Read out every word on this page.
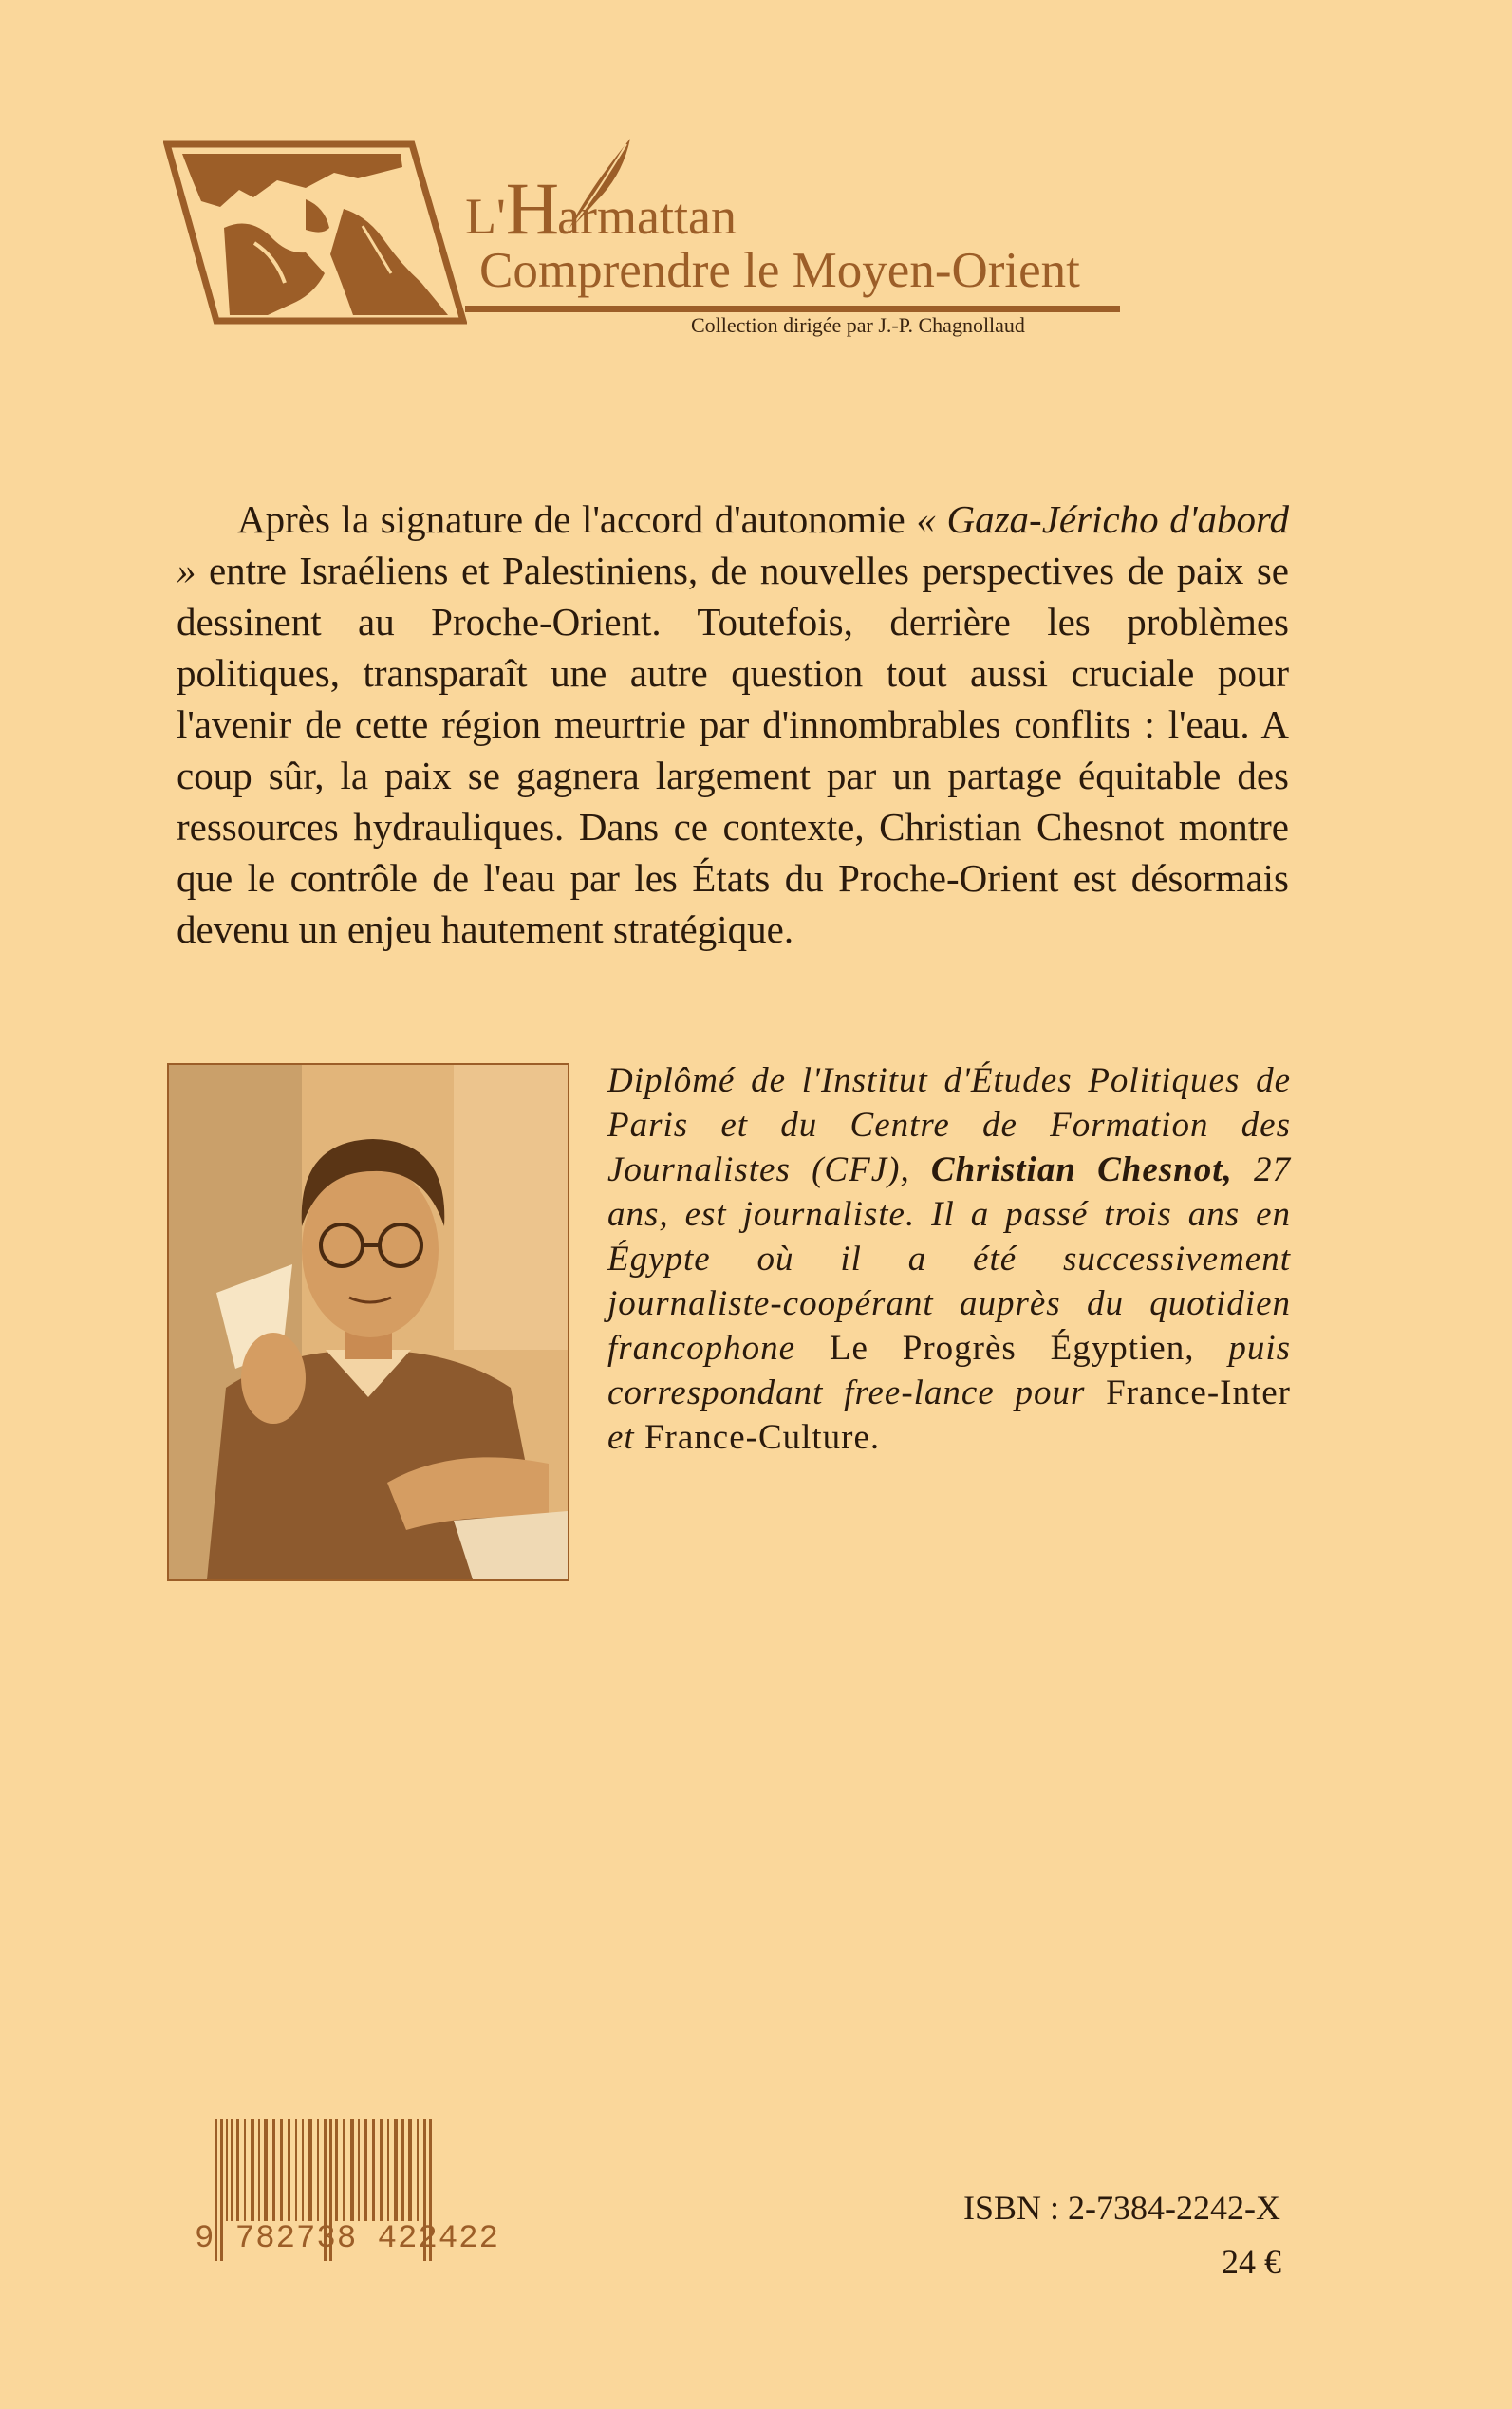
L'Harmattan
Comprendre le Moyen-Orient
Collection dirigée par J.-P. Chagnollaud
Après la signature de l'accord d'autonomie « Gaza-Jéricho d'abord » entre Israéliens et Palestiniens, de nouvelles perspectives de paix se dessinent au Proche-Orient. Toutefois, derrière les problèmes politiques, transparaît une autre question tout aussi cruciale pour l'avenir de cette région meurtrie par d'innombrables conflits : l'eau. A coup sûr, la paix se gagnera largement par un partage équitable des ressources hydrauliques. Dans ce contexte, Christian Chesnot montre que le contrôle de l'eau par les États du Proche-Orient est désormais devenu un enjeu hautement stratégique.
Diplômé de l'Institut d'Études Politiques de Paris et du Centre de Formation des Journalistes (CFJ), Christian Chesnot, 27 ans, est journaliste. Il a passé trois ans en Égypte où il a été successivement journaliste-coopérant auprès du quotidien francophone Le Progrès Égyptien, puis correspondant free-lance pour France-Inter et France-Culture.
9 782738 422422
ISBN : 2-7384-2242-X
24 €
